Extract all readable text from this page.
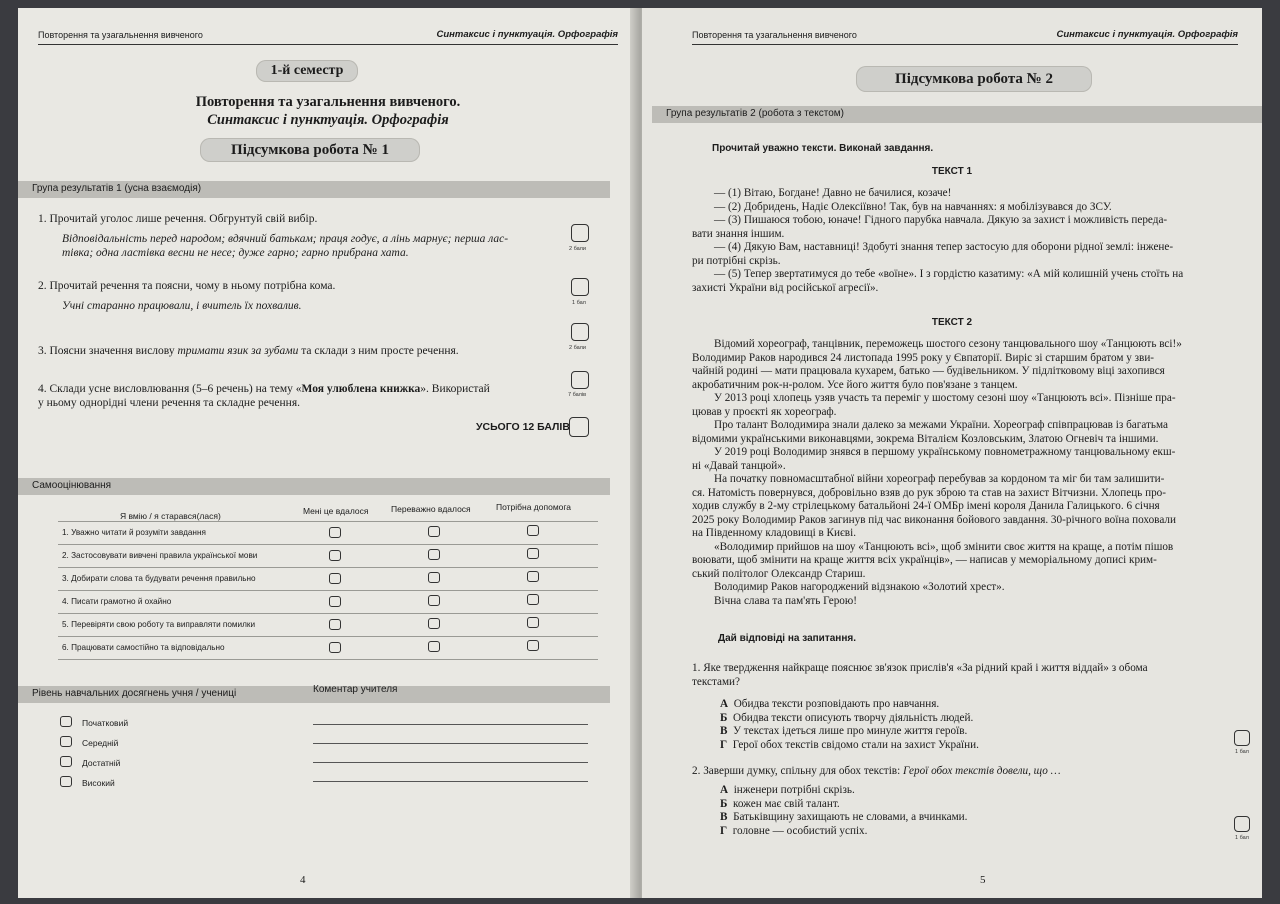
Повторення та узагальнення вивченого	Синтаксис і пунктуація. Орфографія
1-й семестр
Повторення та узагальнення вивченого.
Синтаксис і пунктуація. Орфографія
Підсумкова робота № 1
Група результатів 1 (усна взаємодія)
1. Прочитай уголос лише речення. Обгрунтуй свій вибір.
Відповідальність перед народом; вдячний батькам; праця годує, а лінь марнує; перша лас-
тівка; одна ластівка весни не несе; дуже гарно; гарно прибрана хата.	2 бали
2. Прочитай речення та поясни, чому в ньому потрібна кома.
Учні старанно працювали, і вчитель їх похвалив.	1 бал
3. Поясни значення вислову тримати язик за зубами та склади з ним просте речення.	2 бали
4. Склади усне висловлювання (5–6 речень) на тему «Моя улюблена книжка». Використай
у ньому однорідні члени речення та складне речення.
7 балів
УСЬОГО 12 БАЛІВ
Самооцінювання
Я вмію / я старався(лася)	Мені це вдалося	Переважно вдалося	Потрібна допомога
1. Уважно читати й розуміти завдання
2. Застосовувати вивчені правила української мови
3. Добирати слова та будувати речення правильно
4. Писати грамотно й охайно
5. Перевіряти свою роботу та виправляти помилки
6. Працювати самостійно та відповідально
Рівень навчальних досягнень учня / учениці	Коментар учителя
Початковий
Середній
Достатній
Високий
4
Повторення та узагальнення вивченого	Синтаксис і пунктуація. Орфографія
Підсумкова робота № 2
Група результатів 2 (робота з текстом)
Прочитай уважно тексти. Виконай завдання.
ТЕКСТ 1
— (1) Вітаю, Богдане! Давно не бачилися, козаче!
— (2) Добридень, Надіє Олексіївно! Так, був на навчаннях: я мобілізувався до ЗСУ.
— (3) Пишаюся тобою, юначе! Гідного парубка навчала. Дякую за захист і можливість переда-
вати знання іншим.
— (4) Дякую Вам, наставниці! Здобуті знання тепер застосую для оборони рідної землі: інжене-
ри потрібні скрізь.
— (5) Тепер звертатимуся до тебе «воїне». І з гордістю казатиму: «А мій колишній учень стоїть на
захисті України від російської агресії».
ТЕКСТ 2
Відомий хореограф, танцівник, переможець шостого сезону танцювального шоу «Танцюють всі!»
Володимир Раков народився 24 листопада 1995 року у Євпаторії. Виріс зі старшим братом у зви-
чайній родині — мати працювала кухарем, батько — будівельником. У підлітковому віці захопився
акробатичним рок-н-ролом. Усе його життя було пов'язане з танцем.
У 2013 році хлопець узяв участь та переміг у шостому сезоні шоу «Танцюють всі». Пізніше пра-
цював у проєкті як хореограф.
Про талант Володимира знали далеко за межами України. Хореограф співпрацював із багатьма
відомими українськими виконавцями, зокрема Віталієм Козловським, Златою Огневіч та іншими.
У 2019 році Володимир знявся в першому українському повнометражному танцювальному екш-
ні «Давай танцюй».
На початку повномасштабної війни хореограф перебував за кордоном та міг би там залишити-
ся. Натомість повернувся, добровільно взяв до рук зброю та став на захист Вітчизни. Хлопець про-
ходив службу в 2-му стрілецькому батальйоні 24-ї ОМБр імені короля Данила Галицького. 6 січня
2025 року Володимир Раков загинув під час виконання бойового завдання. 30-річного воїна поховали
на Південному кладовищі в Києві.
«Володимир прийшов на шоу «Танцюють всі», щоб змінити своє життя на краще, а потім пішов
воювати, щоб змінити на краще життя всіх українців», — написав у меморіальному дописі крим-
ський політолог Олександр Стариш.
Володимир Раков нагороджений відзнакою «Золотий хрест».
Вічна слава та пам'ять Герою!
Дай відповіді на запитання.
1. Яке твердження найкраще пояснює зв'язок прислів'я «За рідний край і життя віддай» з обома
текстами?
А Обидва тексти розповідають про навчання.
Б Обидва тексти описують творчу діяльність людей.
В У текстах ідеться лише про минуле життя героїв.
Г Герої обох текстів свідомо стали на захист України.
1 бал
2. Заверши думку, спільну для обох текстів: Герої обох текстів довели, що …
А інженери потрібні скрізь.
Б кожен має свій талант.
В Батьківщину захищають не словами, а вчинками.
Г головне — особистий успіх.
1 бал
5
